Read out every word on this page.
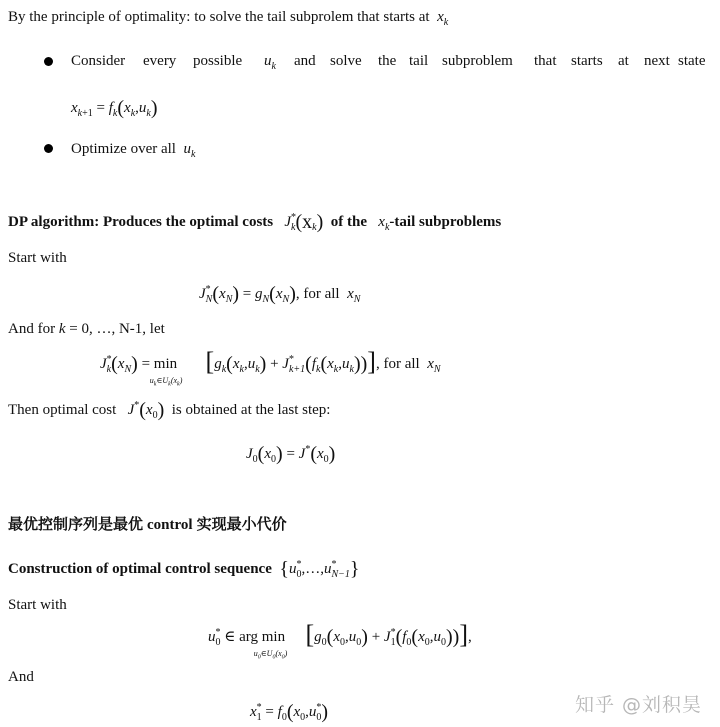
By the principle of optimality: to solve the tail subprolem that starts at $x_k$
Consider every possible $u_k$ and solve the tail subproblem that starts at next state
$x_{k+1} = f_k(x_k,u_k)$
Optimize over all $u_k$
DP algorithm: Produces the optimal costs $J^*_k(x_k)$ of the $x_k$-tail subproblems
Start with
$J^*_N(x_N) = g_N(x_N)$, for all $x_N$
And for k = 0, …, N-1, let
$J^*_k(x_N) = \min$
$u_k\in U_k(x_k)$
$[g_k(x_k,u_k) + J^*_{k+1}(f_k(x_k,u_k))]$, for all $x_N$
Then optimal cost $J^*(x_0)$ is obtained at the last step:
$J_0(x_0) = J^*(x_0)$
最优控制序列是最优 control 实现最小代价
Construction of optimal control sequence $\{u^*_0,\dots,u^*_{N-1}\}$
Start with
$u^*_0$ ∈ arg min
$u_0\in U_0(x_0)$
$[g_0(x_0,u_0) + J^*_1(f_0(x_0,u_0))]$,
And
$x^*_1 = f_0(x_0,u^*_0)$	知乎 @刘积昊
